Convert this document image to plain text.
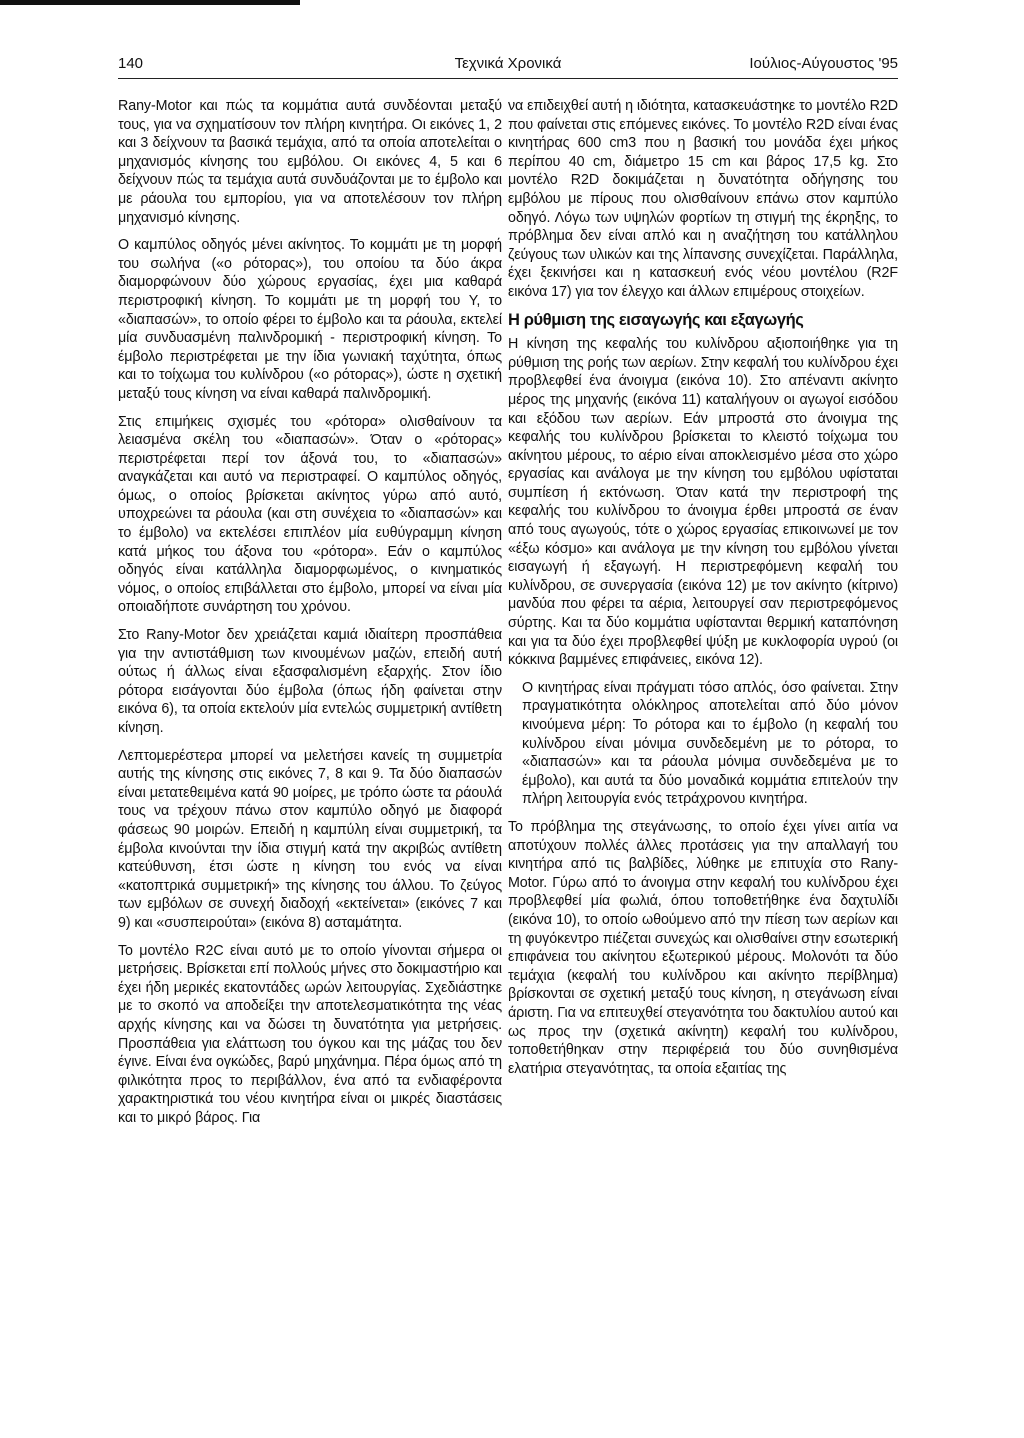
140	Τεχνικά Χρονικά	Ιούλιος-Αύγουστος '95

Rany-Motor και πώς τα κομμάτια αυτά συνδέονται μεταξύ τους, για να σχηματίσουν τον πλήρη κινητήρα. Οι εικόνες 1, 2 και 3 δείχνουν τα βασικά τεμάχια, από τα οποία αποτελείται ο μηχανισμός κίνησης του εμβόλου. Οι εικόνες 4, 5 και 6 δείχνουν πώς τα τεμάχια αυτά συνδυάζονται με το έμβολο και με ράουλα του εμπορίου, για να αποτελέσουν τον πλήρη μηχανισμό κίνησης.

Ο καμπύλος οδηγός μένει ακίνητος. Το κομμάτι με τη μορφή του σωλήνα («ο ρότορας»), του οποίου τα δύο άκρα διαμορφώνουν δύο χώρους εργασίας, έχει μια καθαρά περιστροφική κίνηση. Το κομμάτι με τη μορφή του Y, το «διαπασών», το οποίο φέρει το έμβολο και τα ράουλα, εκτελεί μία συνδυασμένη παλινδρομική - περιστροφική κίνηση. Το έμβολο περιστρέφεται με την ίδια γωνιακή ταχύτητα, όπως και το τοίχωμα του κυλίνδρου («ο ρότορας»), ώστε η σχετική μεταξύ τους κίνηση να είναι καθαρά παλινδρομική.

Στις επιμήκεις σχισμές του «ρότορα» ολισθαίνουν τα λειασμένα σκέλη του «διαπασών». Όταν ο «ρότορας» περιστρέφεται περί τον άξονά του, το «διαπασών» αναγκάζεται και αυτό να περιστραφεί. Ο καμπύλος οδηγός, όμως, ο οποίος βρίσκεται ακίνητος γύρω από αυτό, υποχρεώνει τα ράουλα (και στη συνέχεια το «διαπασών» και το έμβολο) να εκτελέσει επιπλέον μία ευθύγραμμη κίνηση κατά μήκος του άξονα του «ρότορα». Εάν ο καμπύλος οδηγός είναι κατάλληλα διαμορφωμένος, ο κινηματικός νόμος, ο οποίος επιβάλλεται στο έμβολο, μπορεί να είναι μία οποιαδήποτε συνάρτηση του χρόνου.

Στο Rany-Motor δεν χρειάζεται καμιά ιδιαίτερη προσπάθεια για την αντιστάθμιση των κινουμένων μαζών, επειδή αυτή ούτως ή άλλως είναι εξασφαλισμένη εξαρχής. Στον ίδιο ρότορα εισάγονται δύο έμβολα (όπως ήδη φαίνεται στην εικόνα 6), τα οποία εκτελούν μία εντελώς συμμετρική αντίθετη κίνηση.

Λεπτομερέστερα μπορεί να μελετήσει κανείς τη συμμετρία αυτής της κίνησης στις εικόνες 7, 8 και 9. Τα δύο διαπασών είναι μετατεθειμένα κατά 90 μοίρες, με τρόπο ώστε τα ράουλά τους να τρέχουν πάνω στον καμπύλο οδηγό με διαφορά φάσεως 90 μοιρών. Επειδή η καμπύλη είναι συμμετρική, τα έμβολα κινούνται την ίδια στιγμή κατά την ακριβώς αντίθετη κατεύθυνση, έτσι ώστε η κίνηση του ενός να είναι «κατοπτρικά συμμετρική» της κίνησης του άλλου. Το ζεύγος των εμβόλων σε συνεχή διαδοχή «εκτείνεται» (εικόνες 7 και 9) και «συσπειρούται» (εικόνα 8) ασταμάτητα.

Το μοντέλο R2C είναι αυτό με το οποίο γίνονται σήμερα οι μετρήσεις. Βρίσκεται επί πολλούς μήνες στο δοκιμαστήριο και έχει ήδη μερικές εκατοντάδες ωρών λειτουργίας. Σχεδιάστηκε με το σκοπό να αποδείξει την αποτελεσματικότητα της νέας αρχής κίνησης και να δώσει τη δυνατότητα για μετρήσεις. Προσπάθεια για ελάττωση του όγκου και της μάζας του δεν έγινε. Είναι ένα ογκώδες, βαρύ μηχάνημα. Πέρα όμως από τη φιλικότητα προς το περιβάλλον, ένα από τα ενδιαφέροντα χαρακτηριστικά του νέου κινητήρα είναι οι μικρές διαστάσεις και το μικρό βάρος. Για

να επιδειχθεί αυτή η ιδιότητα, κατασκευάστηκε το μοντέλο R2D που φαίνεται στις επόμενες εικόνες. Το μοντέλο R2D είναι ένας κινητήρας 600 cm3 που η βασική του μονάδα έχει μήκος περίπου 40 cm, διάμετρο 15 cm και βάρος 17,5 kg. Στο μοντέλο R2D δοκιμάζεται η δυνατότητα οδήγησης του εμβόλου με πίρους που ολισθαίνουν επάνω στον καμπύλο οδηγό. Λόγω των υψηλών φορτίων τη στιγμή της έκρηξης, το πρόβλημα δεν είναι απλό και η αναζήτηση του κατάλληλου ζεύγους των υλικών και της λίπανσης συνεχίζεται. Παράλληλα, έχει ξεκινήσει και η κατασκευή ενός νέου μοντέλου (R2F εικόνα 17) για τον έλεγχο και άλλων επιμέρους στοιχείων.

Η ρύθμιση της εισαγωγής και εξαγωγής

Η κίνηση της κεφαλής του κυλίνδρου αξιοποιήθηκε για τη ρύθμιση της ροής των αερίων. Στην κεφαλή του κυλίνδρου έχει προβλεφθεί ένα άνοιγμα (εικόνα 10). Στο απέναντι ακίνητο μέρος της μηχανής (εικόνα 11) καταλήγουν οι αγωγοί εισόδου και εξόδου των αερίων. Εάν μπροστά στο άνοιγμα της κεφαλής του κυλίνδρου βρίσκεται το κλειστό τοίχωμα του ακίνητου μέρους, το αέριο είναι αποκλεισμένο μέσα στο χώρο εργασίας και ανάλογα με την κίνηση του εμβόλου υφίσταται συμπίεση ή εκτόνωση. Όταν κατά την περιστροφή της κεφαλής του κυλίνδρου το άνοιγμα έρθει μπροστά σε έναν από τους αγωγούς, τότε ο χώρος εργασίας επικοινωνεί με τον «έξω κόσμο» και ανάλογα με την κίνηση του εμβόλου γίνεται εισαγωγή ή εξαγωγή. Η περιστρεφόμενη κεφαλή του κυλίνδρου, σε συνεργασία (εικόνα 12) με τον ακίνητο (κίτρινο) μανδύα που φέρει τα αέρια, λειτουργεί σαν περιστρεφόμενος σύρτης. Και τα δύο κομμάτια υφίστανται θερμική καταπόνηση και για τα δύο έχει προβλεφθεί ψύξη με κυκλοφορία υγρού (οι κόκκινα βαμμένες επιφάνειες, εικόνα 12).

Ο κινητήρας είναι πράγματι τόσο απλός, όσο φαίνεται. Στην πραγματικότητα ολόκληρος αποτελείται από δύο μόνον κινούμενα μέρη: Το ρότορα και το έμβολο (η κεφαλή του κυλίνδρου είναι μόνιμα συνδεδεμένη με το ρότορα, το «διαπασών» και τα ράουλα μόνιμα συνδεδεμένα με το έμβολο), και αυτά τα δύο μοναδικά κομμάτια επιτελούν την πλήρη λειτουργία ενός τετράχρονου κινητήρα.

Το πρόβλημα της στεγάνωσης, το οποίο έχει γίνει αιτία να αποτύχουν πολλές άλλες προτάσεις για την απαλλαγή του κινητήρα από τις βαλβίδες, λύθηκε με επιτυχία στο Rany-Motor. Γύρω από το άνοιγμα στην κεφαλή του κυλίνδρου έχει προβλεφθεί μία φωλιά, όπου τοποθετήθηκε ένα δαχτυλίδι (εικόνα 10), το οποίο ωθούμενο από την πίεση των αερίων και τη φυγόκεντρο πιέζεται συνεχώς και ολισθαίνει στην εσωτερική επιφάνεια του ακίνητου εξωτερικού μέρους. Μολονότι τα δύο τεμάχια (κεφαλή του κυλίνδρου και ακίνητο περίβλημα) βρίσκονται σε σχετική μεταξύ τους κίνηση, η στεγάνωση είναι άριστη. Για να επιτευχθεί στεγανότητα του δακτυλίου αυτού και ως προς την (σχετικά ακίνητη) κεφαλή του κυλίνδρου, τοποθετήθηκαν στην περιφέρειά του δύο συνηθισμένα ελατήρια στεγανότητας, τα οποία εξαιτίας της
